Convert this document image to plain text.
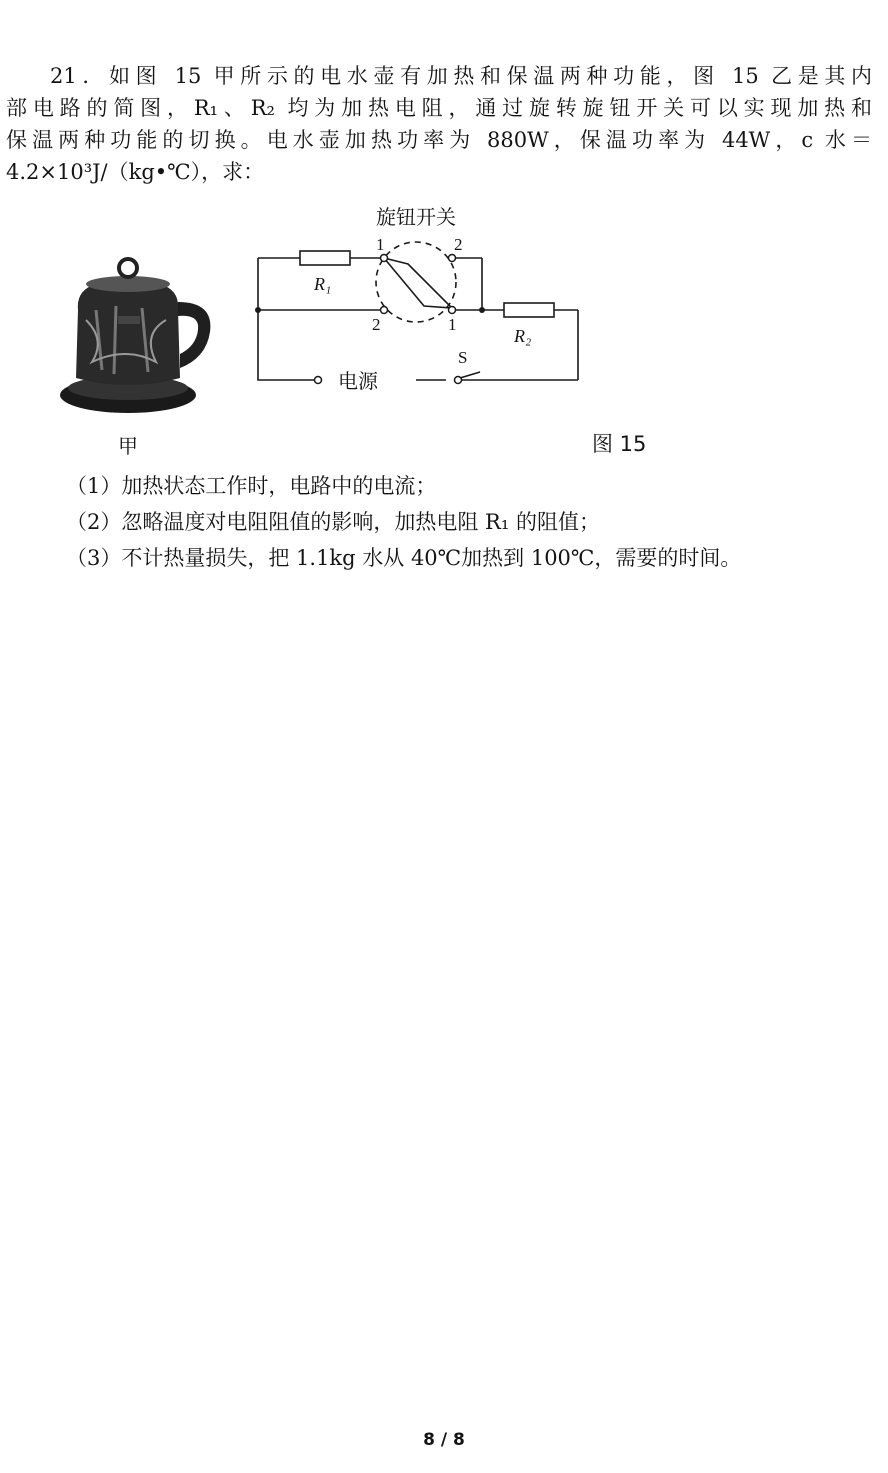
21．如图 15 甲所示的电水壶有加热和保温两种功能，图 15 乙是其内
部电路的简图，R₁、R₂ 均为加热电阻，通过旋转旋钮开关可以实现加热和
保温两种功能的切换。电水壶加热功率为 880W，保温功率为 44W，c 水＝
4.2×10³J/（kg•℃），求：
旋钮开关
1	2
2	1
R₁
R₂
S
电源
甲	图 15
（1）加热状态工作时，电路中的电流；
（2）忽略温度对电阻阻值的影响，加热电阻 R₁ 的阻值；
（3）不计热量损失，把 1.1kg 水从 40℃加热到 100℃，需要的时间。
8 / 8
